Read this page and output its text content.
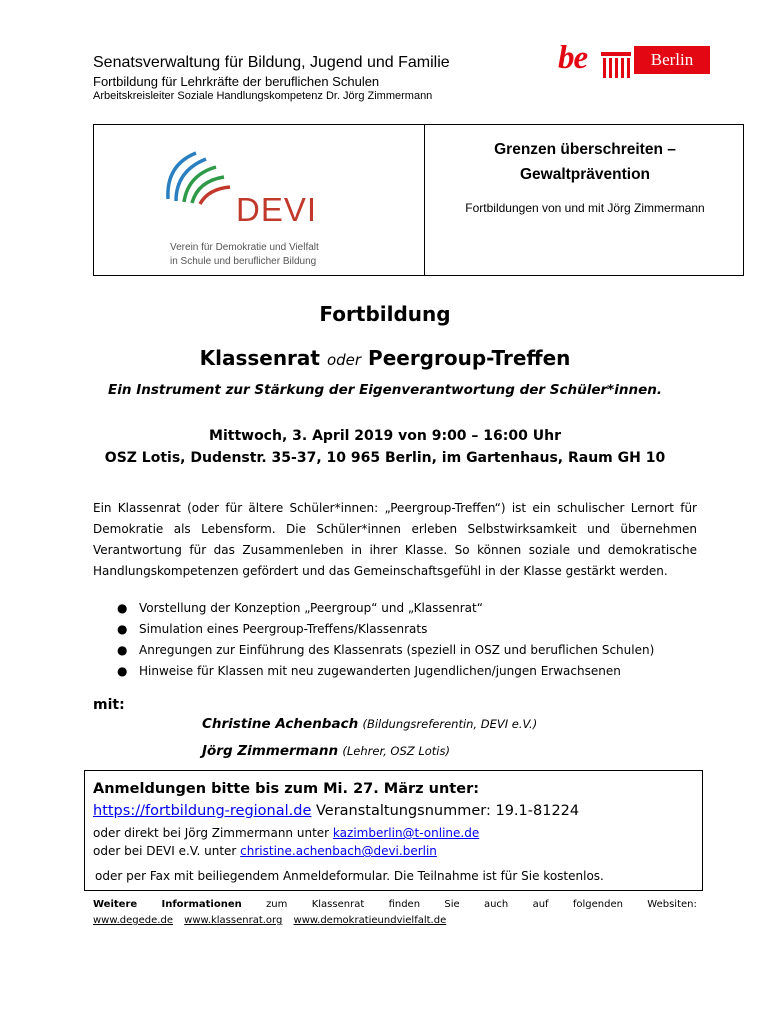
Senatsverwaltung für Bildung, Jugend und Familie
Fortbildung für Lehrkräfte der beruflichen Schulen
Arbeitskreisleiter Soziale Handlungskompetenz Dr. Jörg Zimmermann
be	Berlin
DEVI
Verein für Demokratie und Vielfalt
in Schule und beruflicher Bildung
Grenzen überschreiten –
Gewaltprävention
Fortbildungen von und mit Jörg Zimmermann
Fortbildung
Klassenrat oder Peergroup-Treffen
Ein Instrument zur Stärkung der Eigenverantwortung der Schüler*innen.
Mittwoch, 3. April 2019 von 9:00 – 16:00 Uhr
OSZ Lotis, Dudenstr. 35-37, 10 965 Berlin, im Gartenhaus, Raum GH 10
Ein Klassenrat (oder für ältere Schüler*innen: „Peergroup-Treffen“) ist ein schulischer Lernort für Demokratie als Lebensform. Die Schüler*innen erleben Selbstwirksamkeit und übernehmen Verantwortung für das Zusammenleben in ihrer Klasse. So können soziale und demokratische Handlungskompetenzen gefördert und das Gemeinschaftsgefühl in der Klasse gestärkt werden.
● Vorstellung der Konzeption „Peergroup“ und „Klassenrat“
● Simulation eines Peergroup-Treffens/Klassenrats
● Anregungen zur Einführung des Klassenrats (speziell in OSZ und beruflichen Schulen)
● Hinweise für Klassen mit neu zugewanderten Jugendlichen/jungen Erwachsenen
mit:
Christine Achenbach (Bildungsreferentin, DEVI e.V.)
Jörg Zimmermann (Lehrer, OSZ Lotis)
Anmeldungen bitte bis zum Mi. 27. März unter:
https://fortbildung-regional.de Veranstaltungsnummer: 19.1-81224
oder direkt bei Jörg Zimmermann unter kazimberlin@t-online.de
oder bei DEVI e.V. unter christine.achenbach@devi.berlin
oder per Fax mit beiliegendem Anmeldeformular. Die Teilnahme ist für Sie kostenlos.
Weitere Informationen zum Klassenrat finden Sie auch auf folgenden Websiten:
www.degede.de www.klassenrat.org www.demokratieundvielfalt.de
